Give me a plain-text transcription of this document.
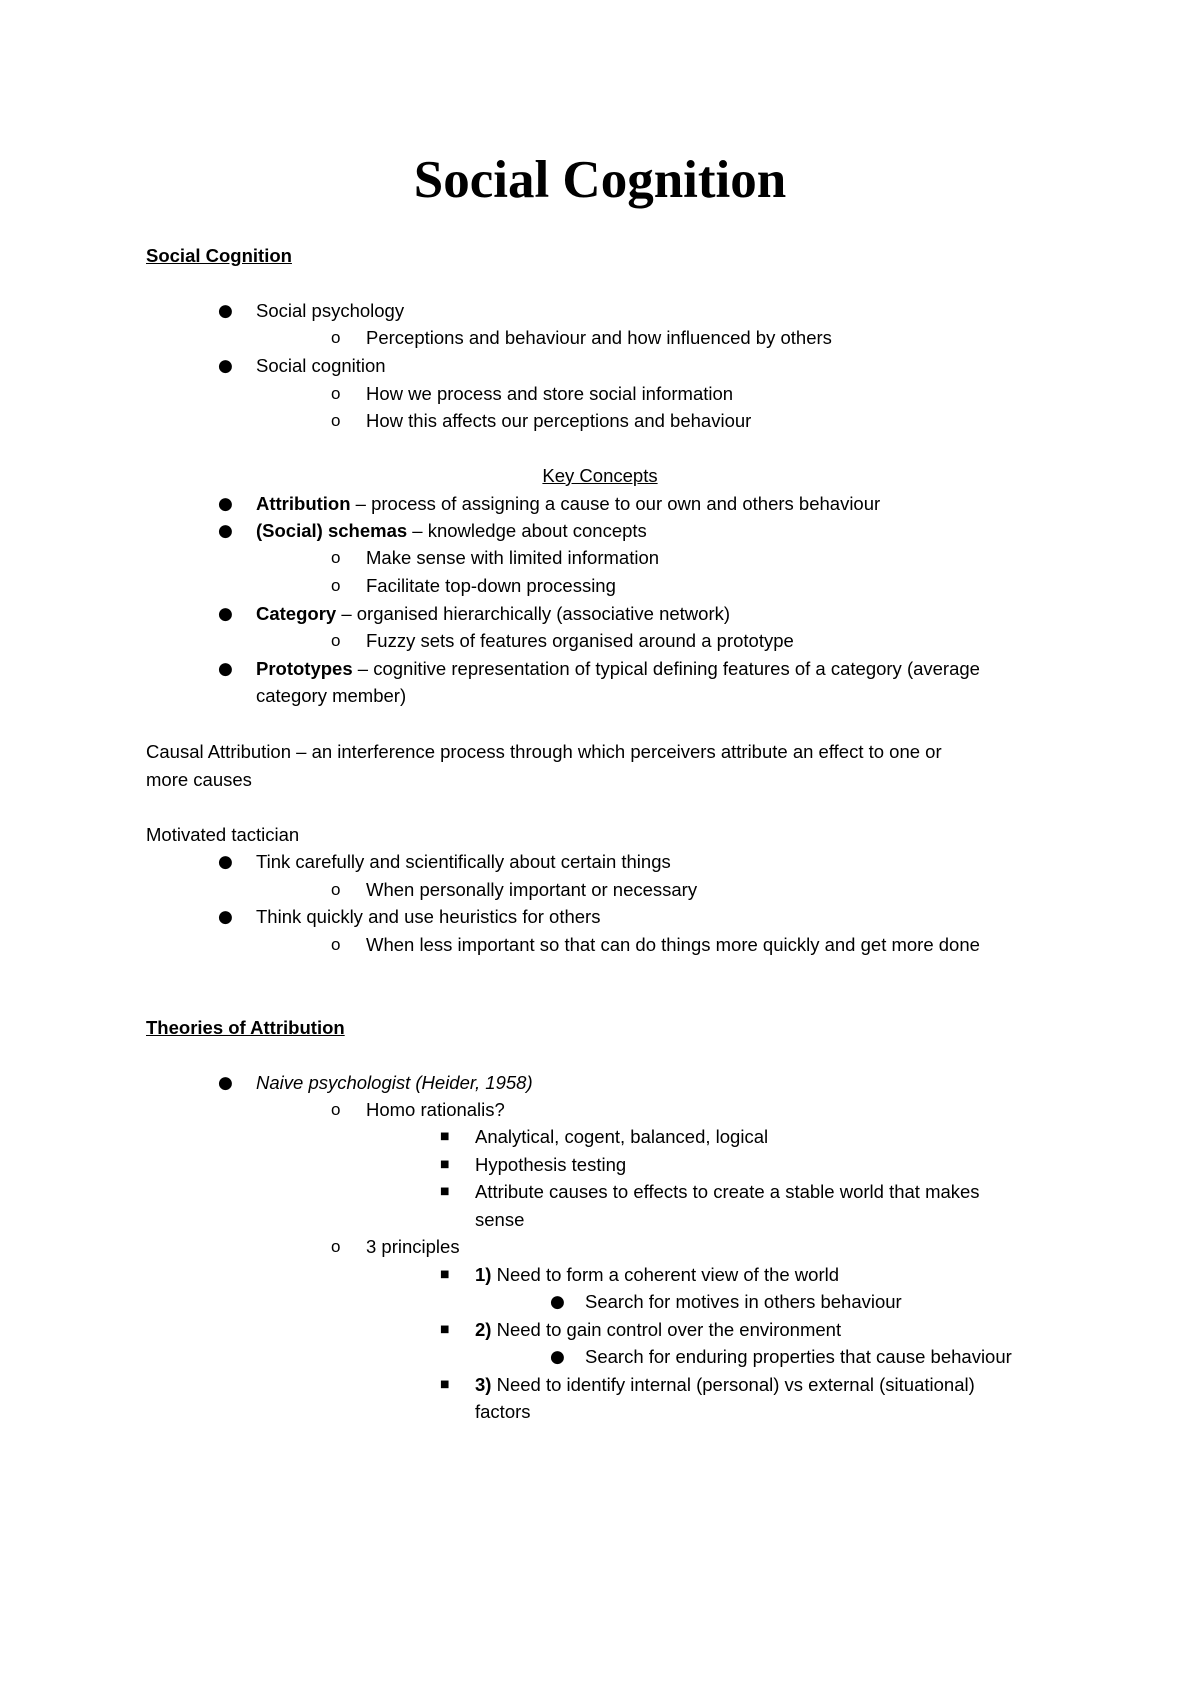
Social Cognition
Social Cognition
● Social psychology
o Perceptions and behaviour and how influenced by others
● Social cognition
o How we process and store social information
o How this affects our perceptions and behaviour
Key Concepts
● Attribution – process of assigning a cause to our own and others behaviour
● (Social) schemas – knowledge about concepts
o Make sense with limited information
o Facilitate top-down processing
● Category – organised hierarchically (associative network)
o Fuzzy sets of features organised around a prototype
● Prototypes – cognitive representation of typical defining features of a category (average
category member)
Causal Attribution – an interference process through which perceivers attribute an effect to one or
more causes
Motivated tactician
● Tink carefully and scientifically about certain things
o When personally important or necessary
● Think quickly and use heuristics for others
o When less important so that can do things more quickly and get more done
Theories of Attribution
● Naive psychologist (Heider, 1958)
o Homo rationalis?
■ Analytical, cogent, balanced, logical
■ Hypothesis testing
■ Attribute causes to effects to create a stable world that makes
sense
o 3 principles
■ 1) Need to form a coherent view of the world
● Search for motives in others behaviour
■ 2) Need to gain control over the environment
● Search for enduring properties that cause behaviour
■ 3) Need to identify internal (personal) vs external (situational)
factors
